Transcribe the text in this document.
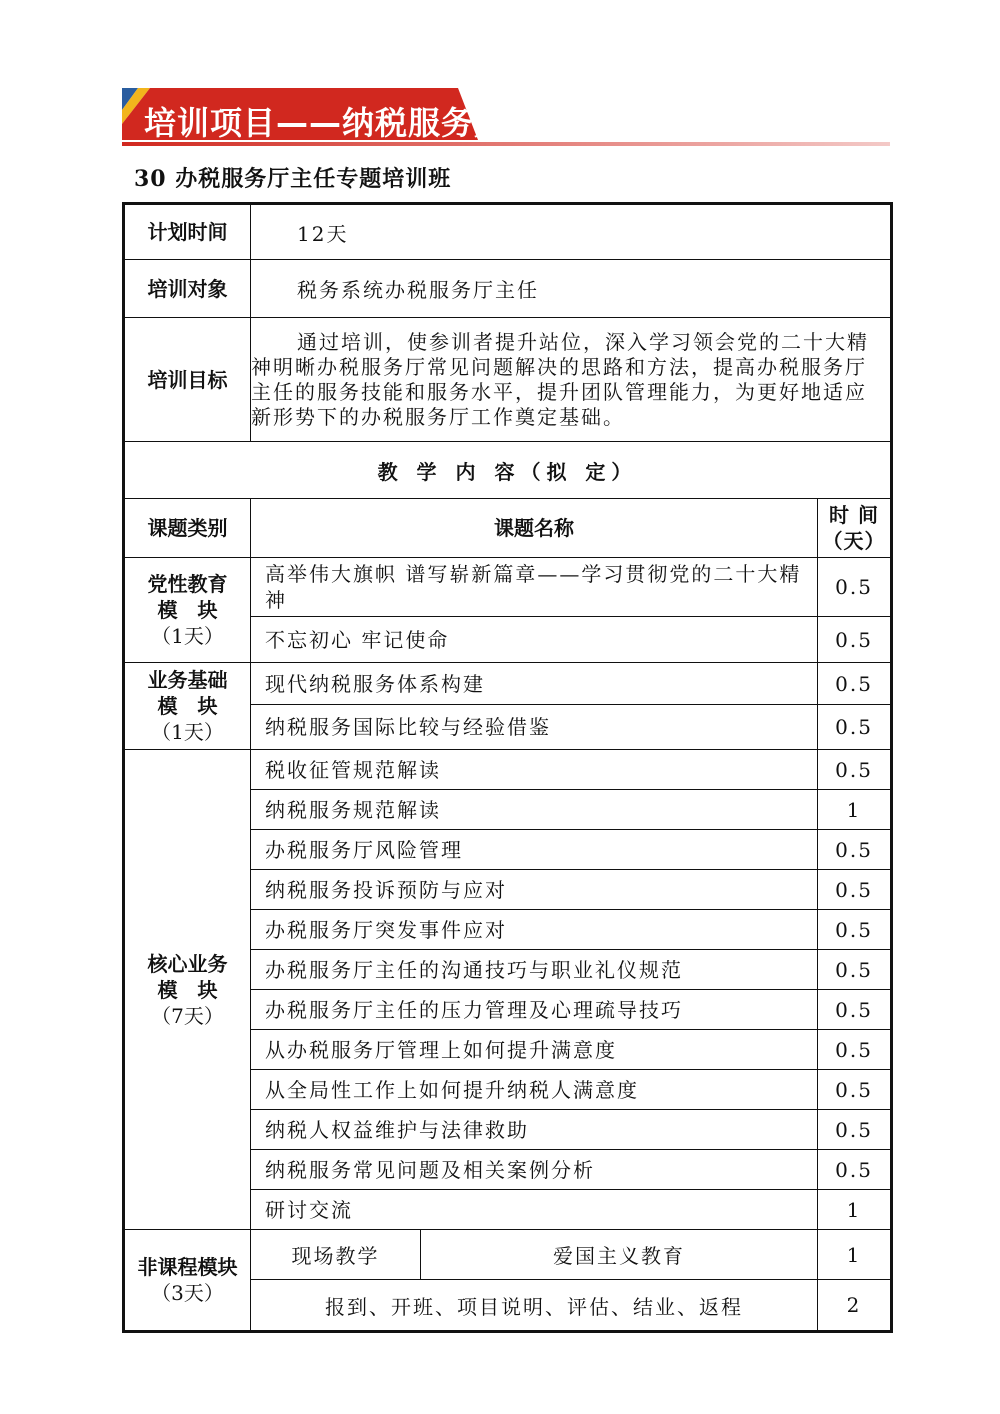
培训项目——纳税服务类
30 办税服务厅主任专题培训班
计划时间	12天		
培训对象	税务系统办税服务厅主任		
培训目标	通过培训，使参训者提升站位，深入学习领会党的二十大精神明晰办税服务厅常见问题解决的思路和方法，提高办税服务厅主任的服务技能和服务水平，提升团队管理能力，为更好地适应新形势下的办税服务厅工作奠定基础。		
教 学 内 容（拟 定）			
课题类别	课题名称		时 间（天）

党性教育
模　块
（1天）	高举伟大旗帜 谱写崭新篇章——学习贯彻党的二十大精神		0.5
	不忘初心 牢记使命		0.5

业务基础
模　块
（1天）	现代纳税服务体系构建		0.5
	纳税服务国际比较与经验借鉴		0.5

核心业务
模　块
（7天）	税收征管规范解读		0.5
	纳税服务规范解读		1
	办税服务厅风险管理		0.5
	纳税服务投诉预防与应对		0.5
	办税服务厅突发事件应对		0.5
	办税服务厅主任的沟通技巧与职业礼仪规范		0.5
	办税服务厅主任的压力管理及心理疏导技巧		0.5
	从办税服务厅管理上如何提升满意度		0.5
	从全局性工作上如何提升纳税人满意度		0.5
	纳税人权益维护与法律救助		0.5
	纳税服务常见问题及相关案例分析		0.5
	研讨交流		1

非课程模块
（3天）	现场教学	爱国主义教育	1
	报到、开班、项目说明、评估、结业、返程		2
